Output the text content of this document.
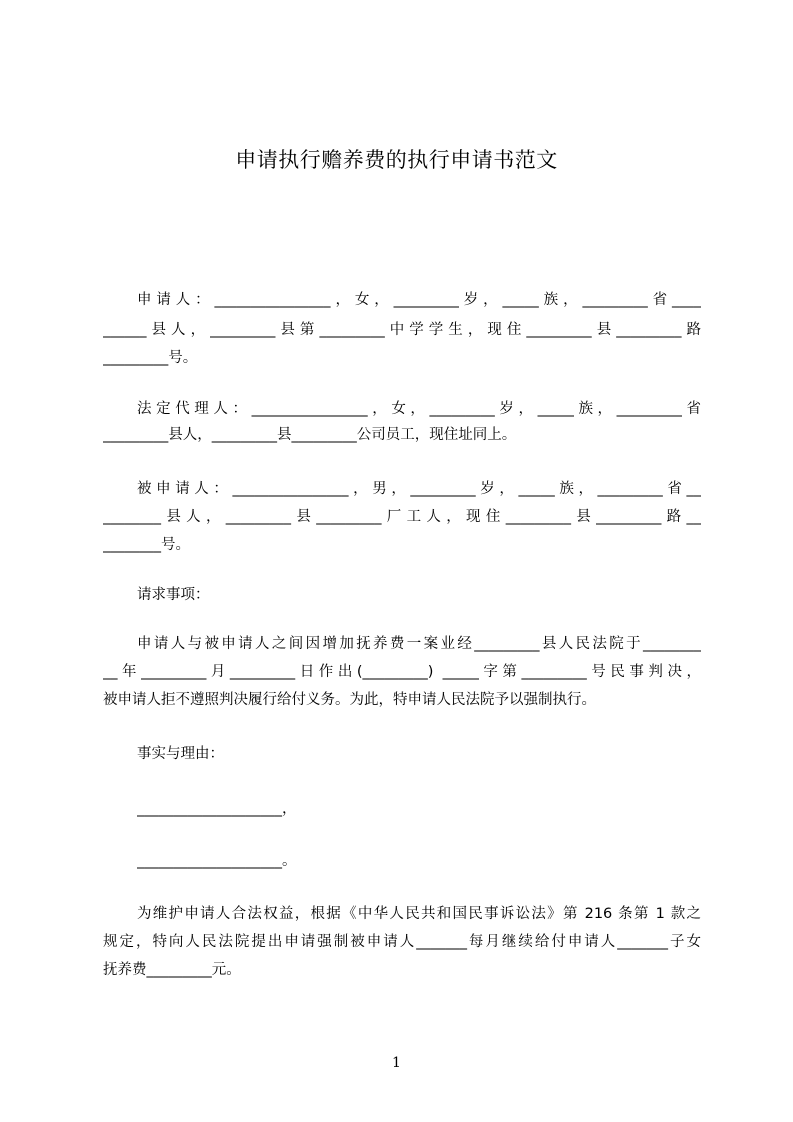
申请执行赡养费的执行申请书范文
申请人：________________，女，_________岁，_____族，_________省____
______县人，_________县第_________中学学生，现住_________县_________路
_________号。
法定代理人：________________，女，_________岁，_____族，_________省
_________县人，_________县_________公司员工，现住址同上。
被申请人：________________，男，_________岁，_____族，_________省__
________县人，_________县_________厂工人，现住_________县_________路__
________号。
请求事项：
申请人与被申请人之间因增加抚养费一案业经_________县人民法院于________
__年_________月_________日作出(_________) _____字第_________号民事判决，
被申请人拒不遵照判决履行给付义务。为此，特申请人民法院予以强制执行。
事实与理由：
____________________，
____________________。
为维护申请人合法权益，根据《中华人民共和国民事诉讼法》第 216 条第 1 款之
规定，特向人民法院提出申请强制被申请人_______每月继续给付申请人_______子女
抚养费_________元。
1
